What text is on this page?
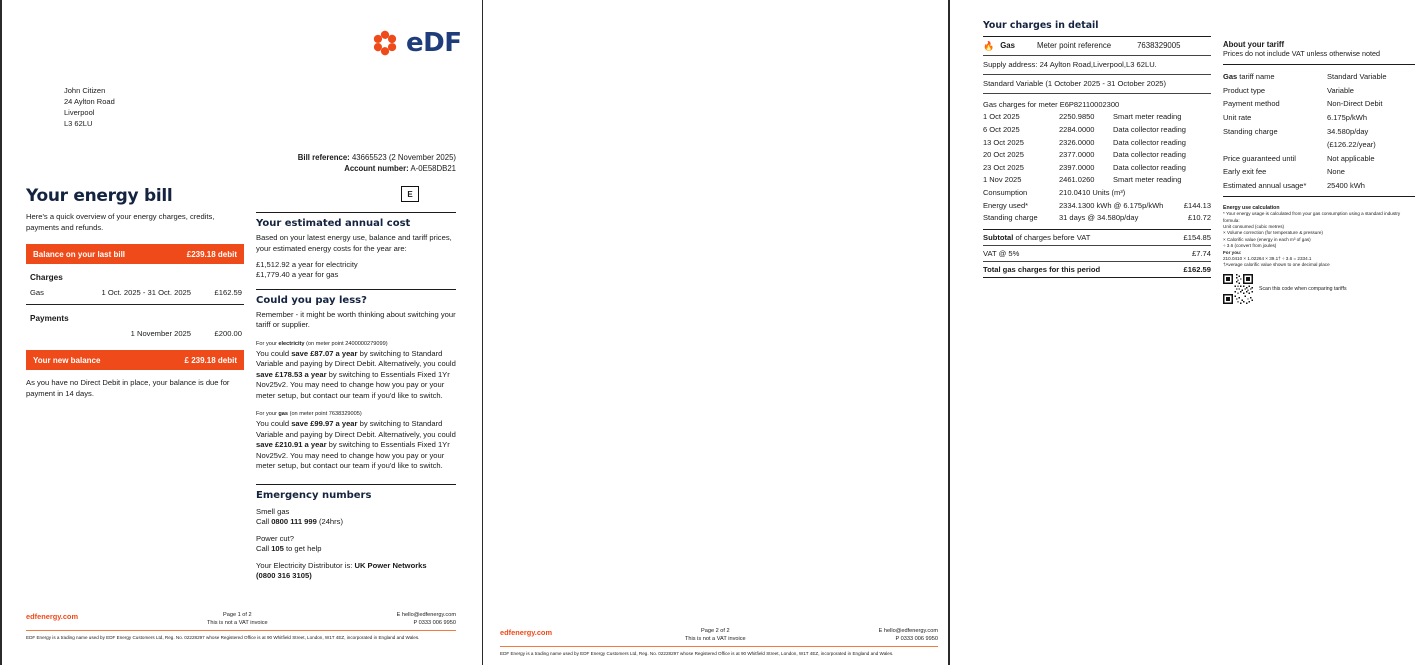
eDF
John Citizen
24 Aylton Road
Liverpool
L3 62LU
Bill reference: 43665523 (2 November 2025)
Account number: A-0E58DB21
E
Your energy bill
Here's a quick overview of your energy charges, credits, payments and refunds.
Balance on your last bill	£239.18 debit
Charges
Gas	1 Oct. 2025 - 31 Oct. 2025	£162.59
Payments
1 November 2025	£200.00
Your new balance	£ 239.18 debit
As you have no Direct Debit in place, your balance is due for payment in 14 days.
Your estimated annual cost
Based on your latest energy use, balance and tariff prices, your estimated energy costs for the year are:
£1,512.92 a year for electricity
£1,779.40 a year for gas
Could you pay less?
Remember - it might be worth thinking about switching your tariff or supplier.
For your electricity (on meter point 2400000279099)
You could save £87.07 a year by switching to Standard Variable and paying by Direct Debit. Alternatively, you could save £178.53 a year by switching to Essentials Fixed 1Yr Nov25v2. You may need to change how you pay or your meter setup, but contact our team if you'd like to switch.
For your gas (on meter point 7638329005)
You could save £99.97 a year by switching to Standard Variable and paying by Direct Debit. Alternatively, you could save £210.91 a year by switching to Essentials Fixed 1Yr Nov25v2. You may need to change how you pay or your meter setup, but contact our team if you'd like to switch.
Emergency numbers
Smell gas
Call 0800 111 999 (24hrs)
Power cut?
Call 105 to get help
Your Electricity Distributor is: UK Power Networks
(0800 316 3105)
edfenergy.com	Page 1 of 2
This is not a VAT invoice
E hello@edfenergy.com
P 0333 006 9950
EDF Energy is a trading name used by EDF Energy Customers Ltd, Reg. No. 02228297 whose Registered Office is at 90 Whitfield Street, London, W1T 4EZ, incorporated in England and Wales.
Your charges in detail
🔥 Gas	Meter point reference	7638329005
Supply address: 24 Aylton Road,Liverpool,L3 62LU.
Standard Variable (1 October 2025 - 31 October 2025)
Gas charges for meter E6P82110002300
1 Oct 2025	2250.9850	Smart meter reading
6 Oct 2025	2284.0000	Data collector reading
13 Oct 2025	2326.0000	Data collector reading
20 Oct 2025	2377.0000	Data collector reading
23 Oct 2025	2397.0000	Data collector reading
1 Nov 2025	2461.0260	Smart meter reading
Consumption	210.0410 Units (m³)
Energy used*	2334.1300 kWh @ 6.175p/kWh	£144.13
Standing charge	31 days @ 34.580p/day	£10.72
Subtotal of charges before VAT	£154.85
VAT @ 5%	£7.74
Total gas charges for this period	£162.59
About your tariff
Prices do not include VAT unless otherwise noted
Gas tariff name	Standard Variable
Product type	Variable
Payment method	Non-Direct Debit
Unit rate	6.175p/kWh
Standing charge	34.580p/day (£126.22/year)
Price guaranteed until	Not applicable
Early exit fee	None
Estimated annual usage*	25400 kWh
Energy use calculation
* Your energy usage is calculated from your gas consumption using a standard industry formula:
Unit consumed (cubic metres)
× Volume correction (for temperature & pressure)
× Calorific value (energy in each m³ of gas)
÷ 3.6 (convert from joules)
For you:
210.0410 × 1.02264 × 39.1† ÷ 3.6 = 2334.1
†Average calorific value shown to one decimal place
Scan this code when comparing tariffs
edfenergy.com	Page 2 of 2
This is not a VAT invoice
E hello@edfenergy.com
P 0333 006 9950
EDF Energy is a trading name used by EDF Energy Customers Ltd, Reg. No. 02228297 whose Registered Office is at 90 Whitfield Street, London, W1T 4EZ, incorporated in England and Wales.
